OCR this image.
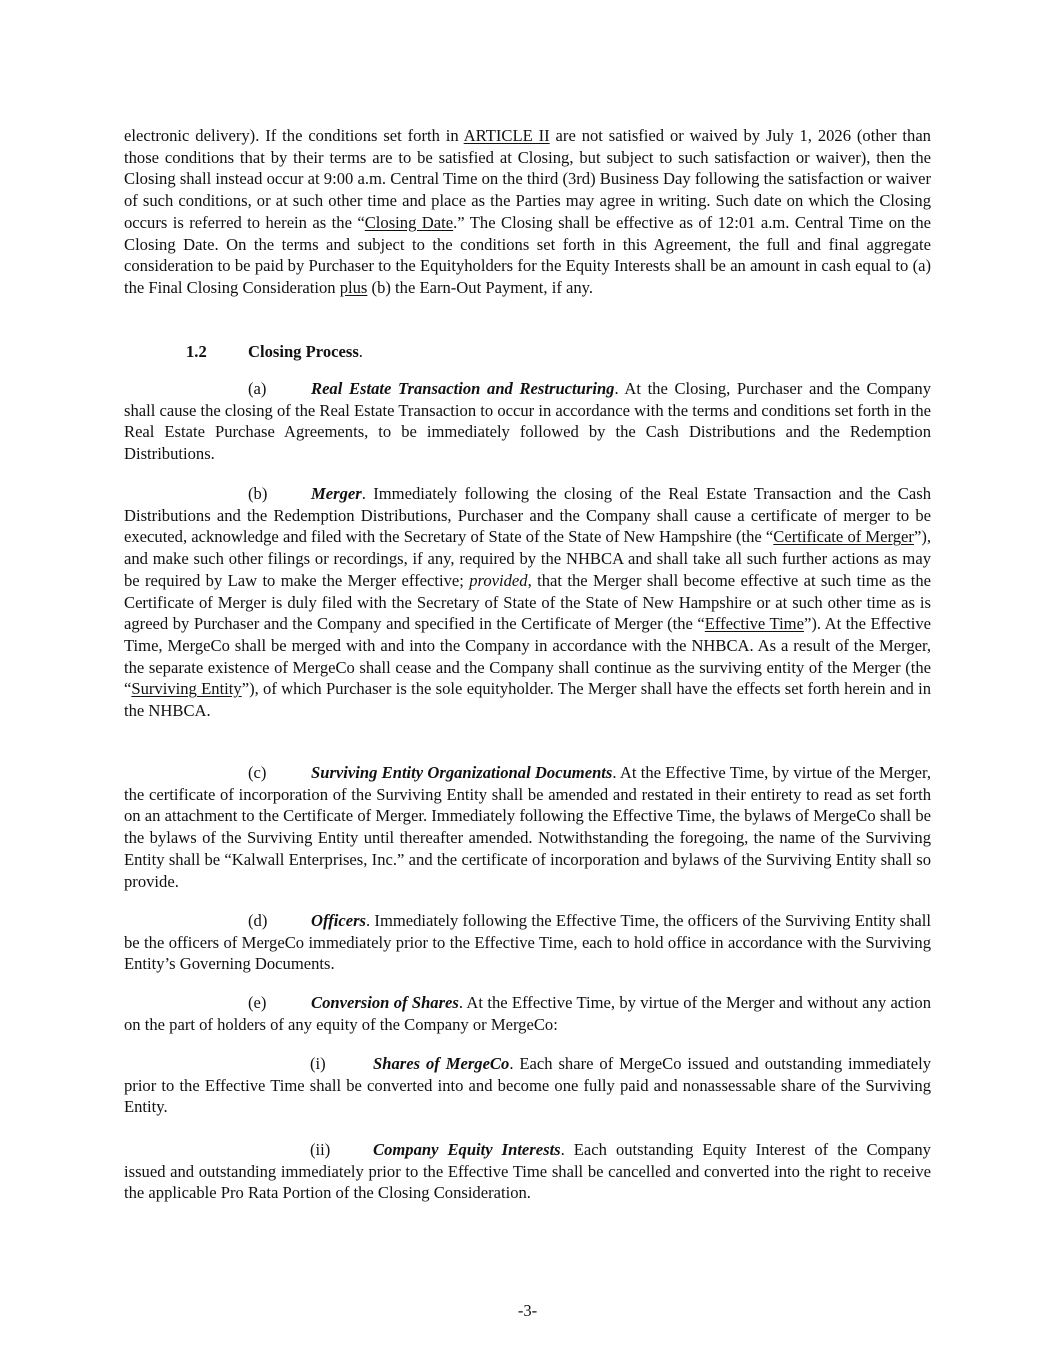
electronic delivery). If the conditions set forth in ARTICLE II are not satisfied or waived by July 1, 2026 (other than those conditions that by their terms are to be satisfied at Closing, but subject to such satisfaction or waiver), then the Closing shall instead occur at 9:00 a.m. Central Time on the third (3rd) Business Day following the satisfaction or waiver of such conditions, or at such other time and place as the Parties may agree in writing. Such date on which the Closing occurs is referred to herein as the “Closing Date.” The Closing shall be effective as of 12:01 a.m. Central Time on the Closing Date. On the terms and subject to the conditions set forth in this Agreement, the full and final aggregate consideration to be paid by Purchaser to the Equityholders for the Equity Interests shall be an amount in cash equal to (a) the Final Closing Consideration plus (b) the Earn-Out Payment, if any.

1.2 Closing Process.

(a)	Real Estate Transaction and Restructuring. At the Closing, Purchaser and the Company shall cause the closing of the Real Estate Transaction to occur in accordance with the terms and conditions set forth in the Real Estate Purchase Agreements, to be immediately followed by the Cash Distributions and the Redemption Distributions.

(b)	Merger. Immediately following the closing of the Real Estate Transaction and the Cash Distributions and the Redemption Distributions, Purchaser and the Company shall cause a certificate of merger to be executed, acknowledge and filed with the Secretary of State of the State of New Hampshire (the “Certificate of Merger”), and make such other filings or recordings, if any, required by the NHBCA and shall take all such further actions as may be required by Law to make the Merger effective; provided, that the Merger shall become effective at such time as the Certificate of Merger is duly filed with the Secretary of State of the State of New Hampshire or at such other time as is agreed by Purchaser and the Company and specified in the Certificate of Merger (the “Effective Time”). At the Effective Time, MergeCo shall be merged with and into the Company in accordance with the NHBCA. As a result of the Merger, the separate existence of MergeCo shall cease and the Company shall continue as the surviving entity of the Merger (the “Surviving Entity”), of which Purchaser is the sole equityholder. The Merger shall have the effects set forth herein and in the NHBCA.

(c)	Surviving Entity Organizational Documents. At the Effective Time, by virtue of the Merger, the certificate of incorporation of the Surviving Entity shall be amended and restated in their entirety to read as set forth on an attachment to the Certificate of Merger. Immediately following the Effective Time, the bylaws of MergeCo shall be the bylaws of the Surviving Entity until thereafter amended. Notwithstanding the foregoing, the name of the Surviving Entity shall be “Kalwall Enterprises, Inc.” and the certificate of incorporation and bylaws of the Surviving Entity shall so provide.

(d)	Officers. Immediately following the Effective Time, the officers of the Surviving Entity shall be the officers of MergeCo immediately prior to the Effective Time, each to hold office in accordance with the Surviving Entity’s Governing Documents.

(e)	Conversion of Shares. At the Effective Time, by virtue of the Merger and without any action on the part of holders of any equity of the Company or MergeCo:

(i)	Shares of MergeCo. Each share of MergeCo issued and outstanding immediately prior to the Effective Time shall be converted into and become one fully paid and nonassessable share of the Surviving Entity.

(ii)	Company Equity Interests. Each outstanding Equity Interest of the Company issued and outstanding immediately prior to the Effective Time shall be cancelled and converted into the right to receive the applicable Pro Rata Portion of the Closing Consideration.

-3-
